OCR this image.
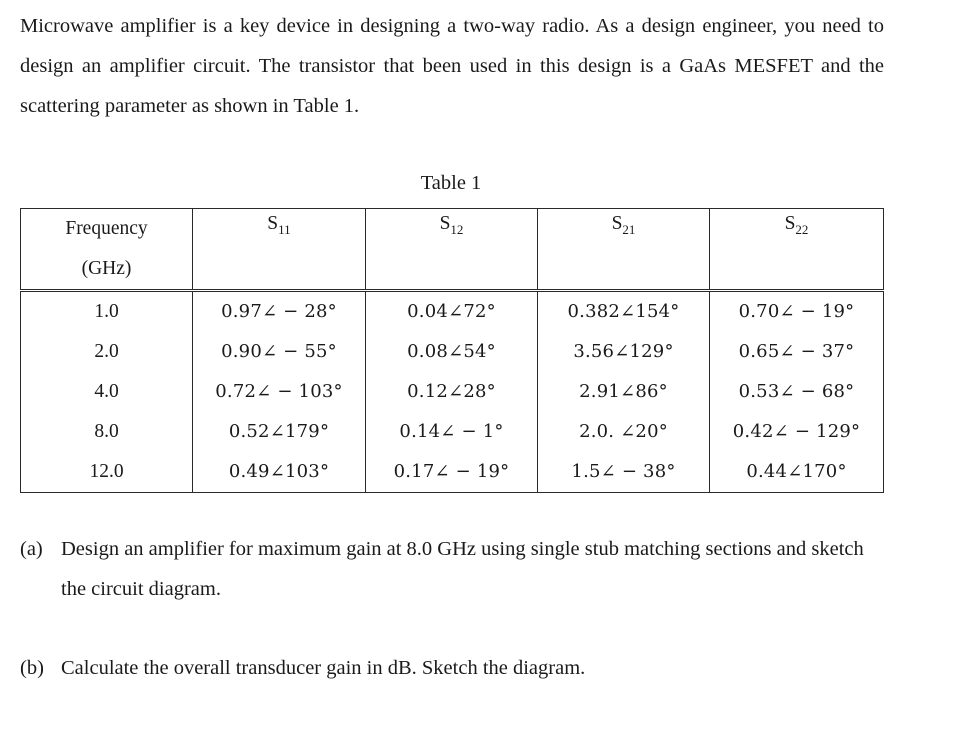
Microwave amplifier is a key device in designing a two-way radio. As a design engineer, you need to design an amplifier circuit. The transistor that been used in this design is a GaAs MESFET and the scattering parameter as shown in Table 1.

Table 1
Frequency
(GHz)	$S_{11}$	$S_{12}$	$S_{21}$	$S_{22}$
1.0	0.97∠ − 28°	0.04∠72°	0.382∠154°	0.70∠ − 19°
2.0	0.90∠ − 55°	0.08∠54°	3.56∠129°	0.65∠ − 37°
4.0	0.72∠ − 103°	0.12∠28°	2.91∠86°	0.53∠ − 68°
8.0	0.52∠179°	0.14∠ − 1°	2.0. ∠20°	0.42∠ − 129°
12.0	0.49∠103°	0.17∠ − 19°	1.5∠ − 38°	0.44∠170°
(a) Design an amplifier for maximum gain at 8.0 GHz using single stub matching sections and sketch the circuit diagram.
(b) Calculate the overall transducer gain in dB. Sketch the diagram.
